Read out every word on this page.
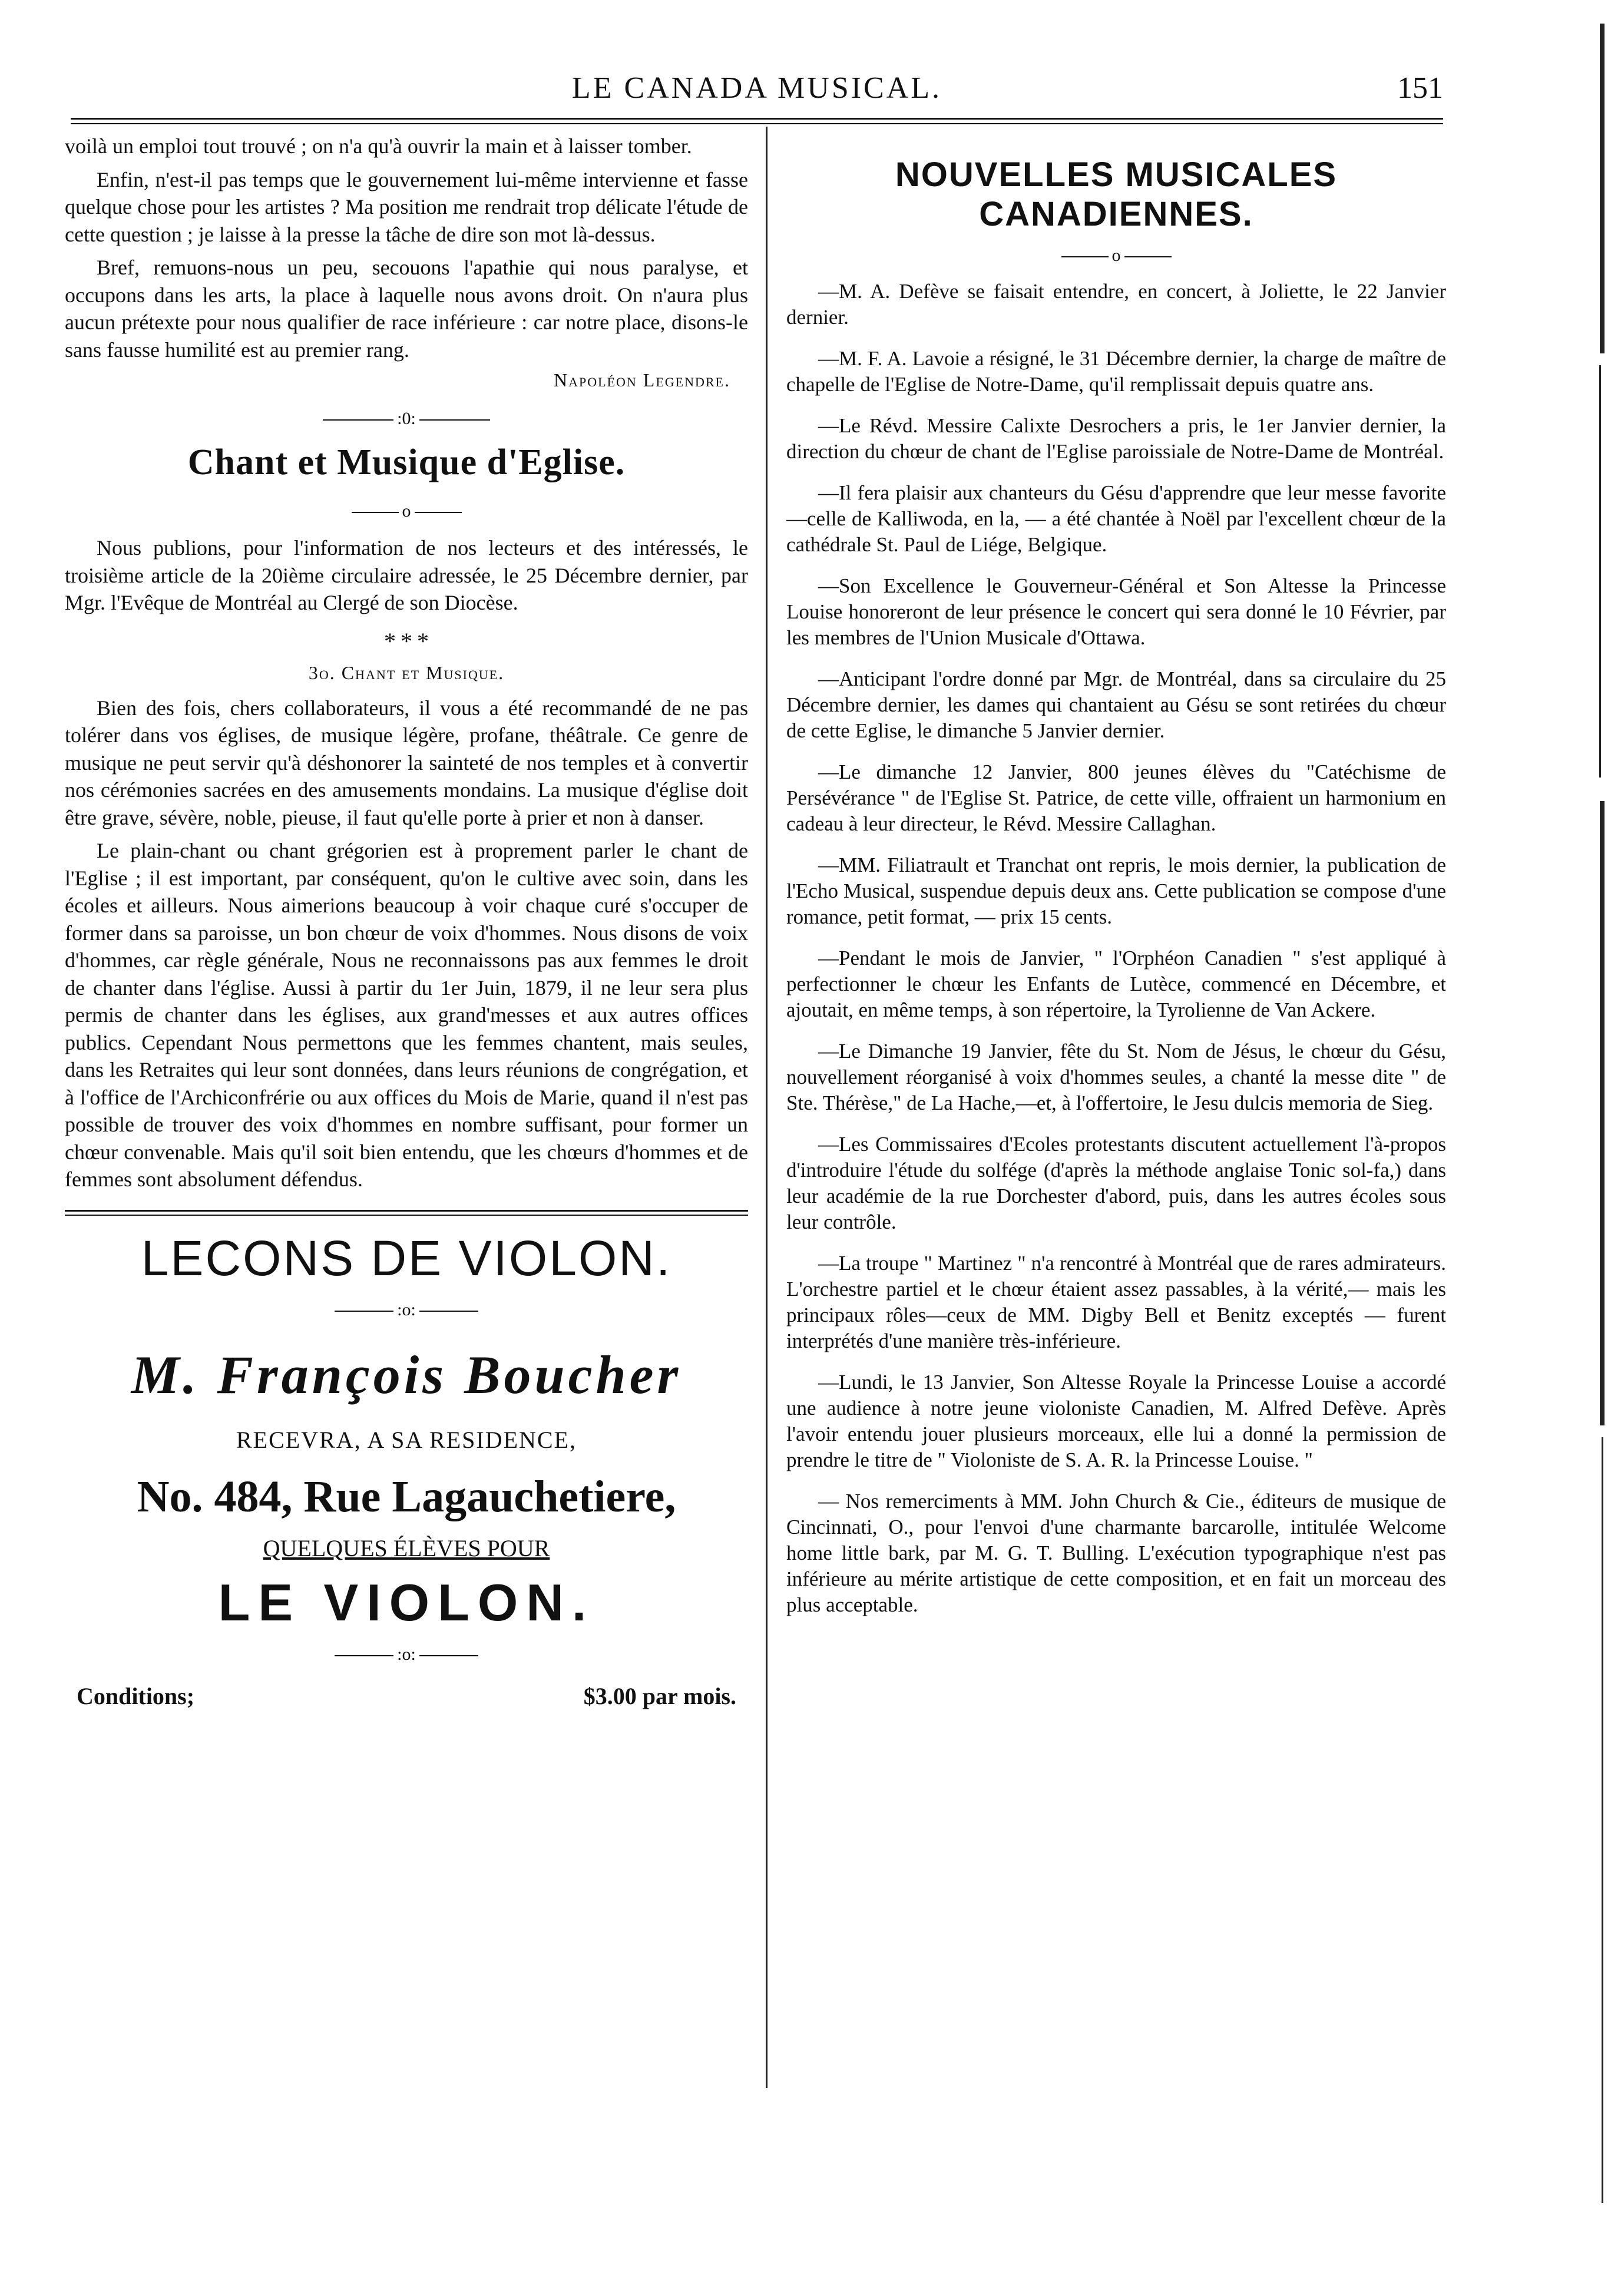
LE CANADA MUSICAL.	151

voilà un emploi tout trouvé ; on n'a qu'à ouvrir la main et à laisser tomber.

Enfin, n'est-il pas temps que le gouvernement lui-même intervienne et fasse quelque chose pour les artistes ? Ma position me rendrait trop délicate l'étude de cette question ; je laisse à la presse la tâche de dire son mot là-dessus.

Bref, remuons-nous un peu, secouons l'apathie qui nous paralyse, et occupons dans les arts, la place à laquelle nous avons droit. On n'aura plus aucun prétexte pour nous qualifier de race inférieure : car notre place, disons-le sans fausse humilité est au premier rang.

Napoléon Legendre.
:0:
Chant et Musique d'Eglise.
o

Nous publions, pour l'information de nos lecteurs et des intéressés, le troisième article de la 20ième circulaire adressée, le 25 Décembre dernier, par Mgr. l'Evêque de Montréal au Clergé de son Diocèse.

* * *
3o. Chant et Musique.

Bien des fois, chers collaborateurs, il vous a été recommandé de ne pas tolérer dans vos églises, de musique légère, profane, théâtrale. Ce genre de musique ne peut servir qu'à déshonorer la sainteté de nos temples et à convertir nos cérémonies sacrées en des amusements mondains. La musique d'église doit être grave, sévère, noble, pieuse, il faut qu'elle porte à prier et non à danser.

Le plain-chant ou chant grégorien est à proprement parler le chant de l'Eglise ; il est important, par conséquent, qu'on le cultive avec soin, dans les écoles et ailleurs. Nous aimerions beaucoup à voir chaque curé s'occuper de former dans sa paroisse, un bon chœur de voix d'hommes. Nous disons de voix d'hommes, car règle générale, Nous ne reconnaissons pas aux femmes le droit de chanter dans l'église. Aussi à partir du 1er Juin, 1879, il ne leur sera plus permis de chanter dans les églises, aux grand'messes et aux autres offices publics. Cependant Nous permettons que les femmes chantent, mais seules, dans les Retraites qui leur sont données, dans leurs réunions de congrégation, et à l'office de l'Archiconfrérie ou aux offices du Mois de Marie, quand il n'est pas possible de trouver des voix d'hommes en nombre suffisant, pour former un chœur convenable. Mais qu'il soit bien entendu, que les chœurs d'hommes et de femmes sont absolument défendus.

LECONS DE VIOLON.
:o:
M. François Boucher
RECEVRA, A SA RESIDENCE,
No. 484, Rue Lagauchetiere,
QUELQUES ÉLÈVES POUR
LE VIOLON.
:o:
Conditions;	$3.00 par mois.
NOUVELLES MUSICALES CANADIENNES.
o

—M. A. Defève se faisait entendre, en concert, à Joliette, le 22 Janvier dernier.

—M. F. A. Lavoie a résigné, le 31 Décembre dernier, la charge de maître de chapelle de l'Eglise de Notre-Dame, qu'il remplissait depuis quatre ans.

—Le Révd. Messire Calixte Desrochers a pris, le 1er Janvier dernier, la direction du chœur de chant de l'Eglise paroissiale de Notre-Dame de Montréal.

—Il fera plaisir aux chanteurs du Gésu d'apprendre que leur messe favorite—celle de Kalliwoda, en la, — a été chantée à Noël par l'excellent chœur de la cathédrale St. Paul de Liége, Belgique.

—Son Excellence le Gouverneur-Général et Son Altesse la Princesse Louise honoreront de leur présence le concert qui sera donné le 10 Février, par les membres de l'Union Musicale d'Ottawa.

—Anticipant l'ordre donné par Mgr. de Montréal, dans sa circulaire du 25 Décembre dernier, les dames qui chantaient au Gésu se sont retirées du chœur de cette Eglise, le dimanche 5 Janvier dernier.

—Le dimanche 12 Janvier, 800 jeunes élèves du "Catéchisme de Persévérance " de l'Eglise St. Patrice, de cette ville, offraient un harmonium en cadeau à leur directeur, le Révd. Messire Callaghan.

—MM. Filiatrault et Tranchat ont repris, le mois dernier, la publication de l'Echo Musical, suspendue depuis deux ans. Cette publication se compose d'une romance, petit format, — prix 15 cents.

—Pendant le mois de Janvier, " l'Orphéon Canadien " s'est appliqué à perfectionner le chœur les Enfants de Lutèce, commencé en Décembre, et ajoutait, en même temps, à son répertoire, la Tyrolienne de Van Ackere.

—Le Dimanche 19 Janvier, fête du St. Nom de Jésus, le chœur du Gésu, nouvellement réorganisé à voix d'hommes seules, a chanté la messe dite " de Ste. Thérèse," de La Hache,—et, à l'offertoire, le Jesu dulcis memoria de Sieg.

—Les Commissaires d'Ecoles protestants discutent actuellement l'à-propos d'introduire l'étude du solfége (d'après la méthode anglaise Tonic sol-fa,) dans leur académie de la rue Dorchester d'abord, puis, dans les autres écoles sous leur contrôle.

—La troupe " Martinez " n'a rencontré à Montréal que de rares admirateurs. L'orchestre partiel et le chœur étaient assez passables, à la vérité,— mais les principaux rôles—ceux de MM. Digby Bell et Benitz exceptés — furent interprétés d'une manière très-inférieure.

—Lundi, le 13 Janvier, Son Altesse Royale la Princesse Louise a accordé une audience à notre jeune violoniste Canadien, M. Alfred Defève. Après l'avoir entendu jouer plusieurs morceaux, elle lui a donné la permission de prendre le titre de " Violoniste de S. A. R. la Princesse Louise. "

— Nos remerciments à MM. John Church & Cie., éditeurs de musique de Cincinnati, O., pour l'envoi d'une charmante barcarolle, intitulée Welcome home little bark, par M. G. T. Bulling. L'exécution typographique n'est pas inférieure au mérite artistique de cette composition, et en fait un morceau des plus acceptable.
